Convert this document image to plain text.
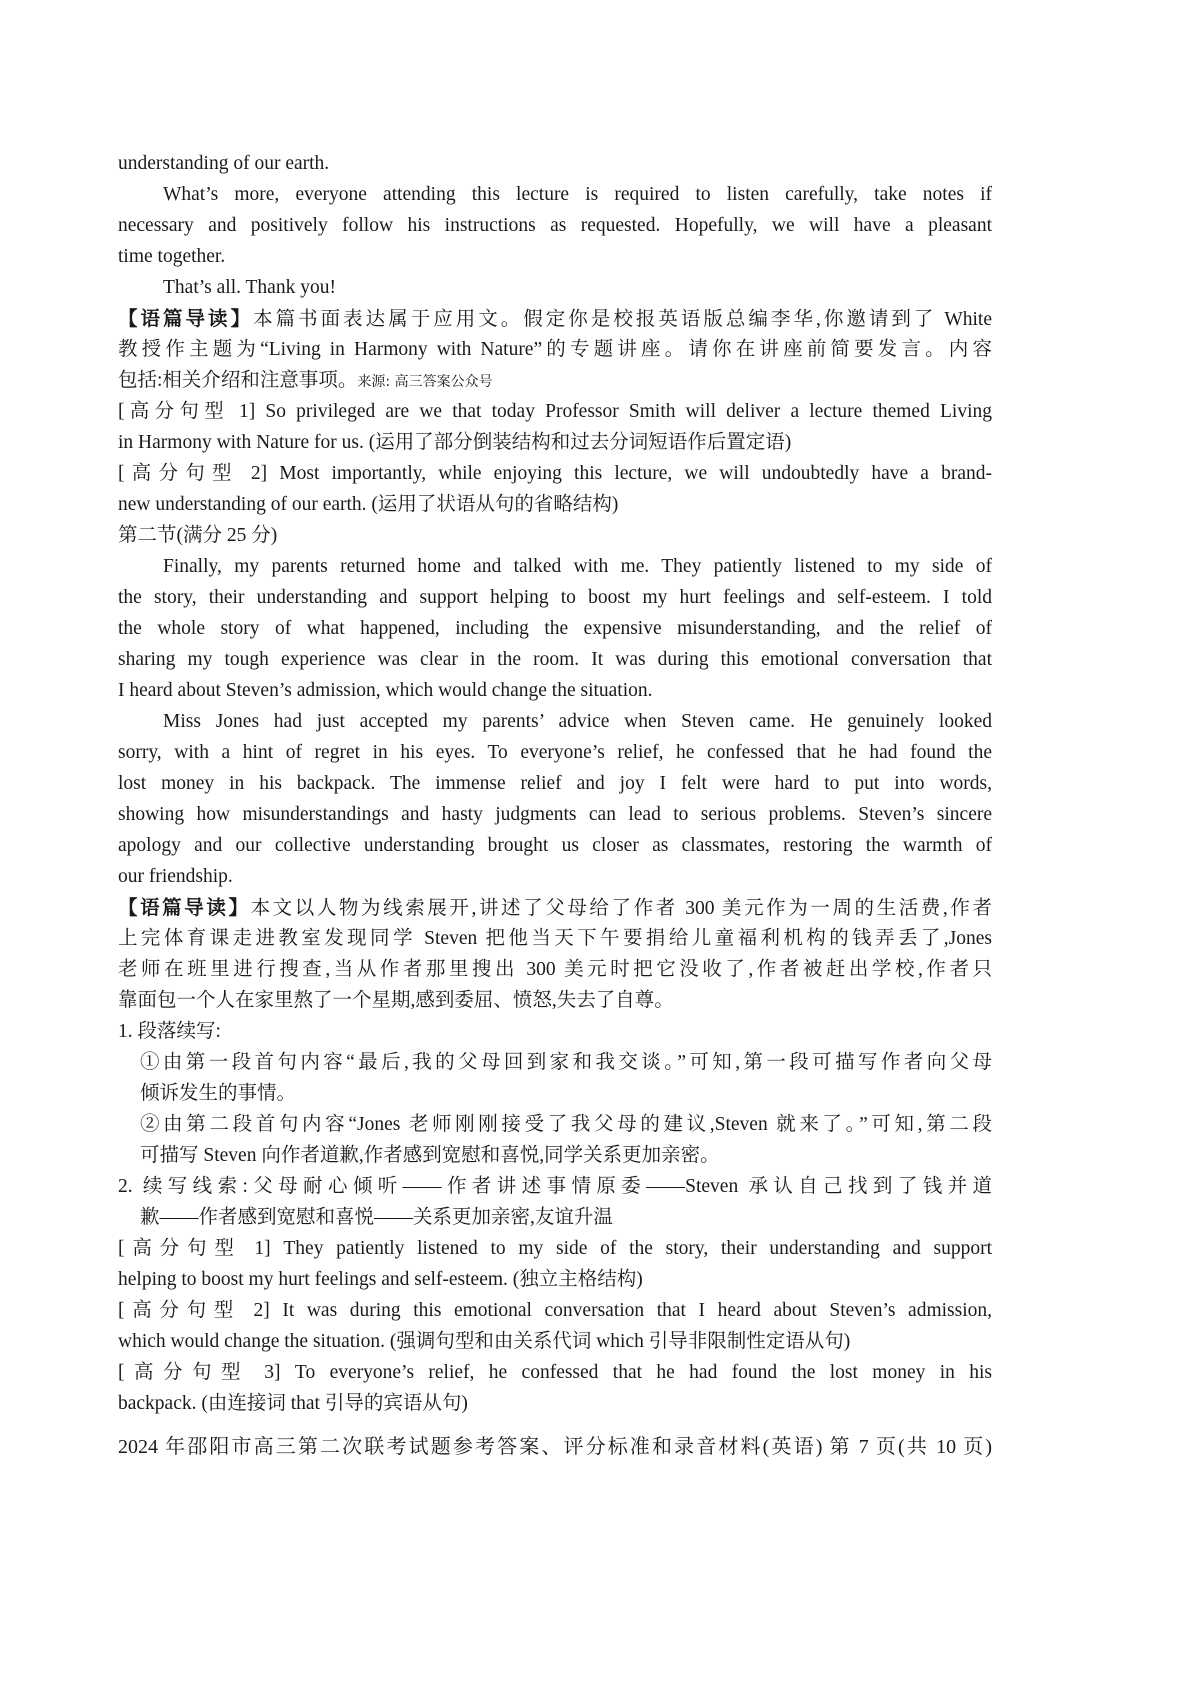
understanding of our earth.
What’s more, everyone attending this lecture is required to listen carefully, take notes if
necessary and positively follow his instructions as requested. Hopefully, we will have a pleasant
time together.
That’s all. Thank you!
【语篇导读】本篇书面表达属于应用文。假定你是校报英语版总编李华,你邀请到了 White
教授作主题为“Living in Harmony with Nature”的专题讲座。请你在讲座前简要发言。内容
包括:相关介绍和注意事项。来源: 高三答案公众号
[高分句型 1] So privileged are we that today Professor Smith will deliver a lecture themed Living
in Harmony with Nature for us. (运用了部分倒装结构和过去分词短语作后置定语)
[高分句型 2] Most importantly, while enjoying this lecture, we will undoubtedly have a brand-
new understanding of our earth. (运用了状语从句的省略结构)
第二节(满分 25 分)
Finally, my parents returned home and talked with me. They patiently listened to my side of
the story, their understanding and support helping to boost my hurt feelings and self-esteem. I told
the whole story of what happened, including the expensive misunderstanding, and the relief of
sharing my tough experience was clear in the room. It was during this emotional conversation that
I heard about Steven’s admission, which would change the situation.
Miss Jones had just accepted my parents’ advice when Steven came. He genuinely looked
sorry, with a hint of regret in his eyes. To everyone’s relief, he confessed that he had found the
lost money in his backpack. The immense relief and joy I felt were hard to put into words,
showing how misunderstandings and hasty judgments can lead to serious problems. Steven’s sincere
apology and our collective understanding brought us closer as classmates, restoring the warmth of
our friendship.
【语篇导读】本文以人物为线索展开,讲述了父母给了作者 300 美元作为一周的生活费,作者
上完体育课走进教室发现同学 Steven 把他当天下午要捐给儿童福利机构的钱弄丢了,Jones
老师在班里进行搜查,当从作者那里搜出 300 美元时把它没收了,作者被赶出学校,作者只
靠面包一个人在家里熬了一个星期,感到委屈、愤怒,失去了自尊。
1. 段落续写:
①由第一段首句内容“最后,我的父母回到家和我交谈。”可知,第一段可描写作者向父母
倾诉发生的事情。
②由第二段首句内容“Jones 老师刚刚接受了我父母的建议,Steven 就来了。”可知,第二段
可描写 Steven 向作者道歉,作者感到宽慰和喜悦,同学关系更加亲密。
2. 续写线索:父母耐心倾听——作者讲述事情原委——Steven 承认自己找到了钱并道
歉——作者感到宽慰和喜悦——关系更加亲密,友谊升温
[高分句型 1] They patiently listened to my side of the story, their understanding and support
helping to boost my hurt feelings and self-esteem. (独立主格结构)
[高分句型 2] It was during this emotional conversation that I heard about Steven’s admission,
which would change the situation. (强调句型和由关系代词 which 引导非限制性定语从句)
[高分句型 3] To everyone’s relief, he confessed that he had found the lost money in his
backpack. (由连接词 that 引导的宾语从句)
2024 年邵阳市高三第二次联考试题参考答案、评分标准和录音材料(英语) 第 7 页(共 10 页)
